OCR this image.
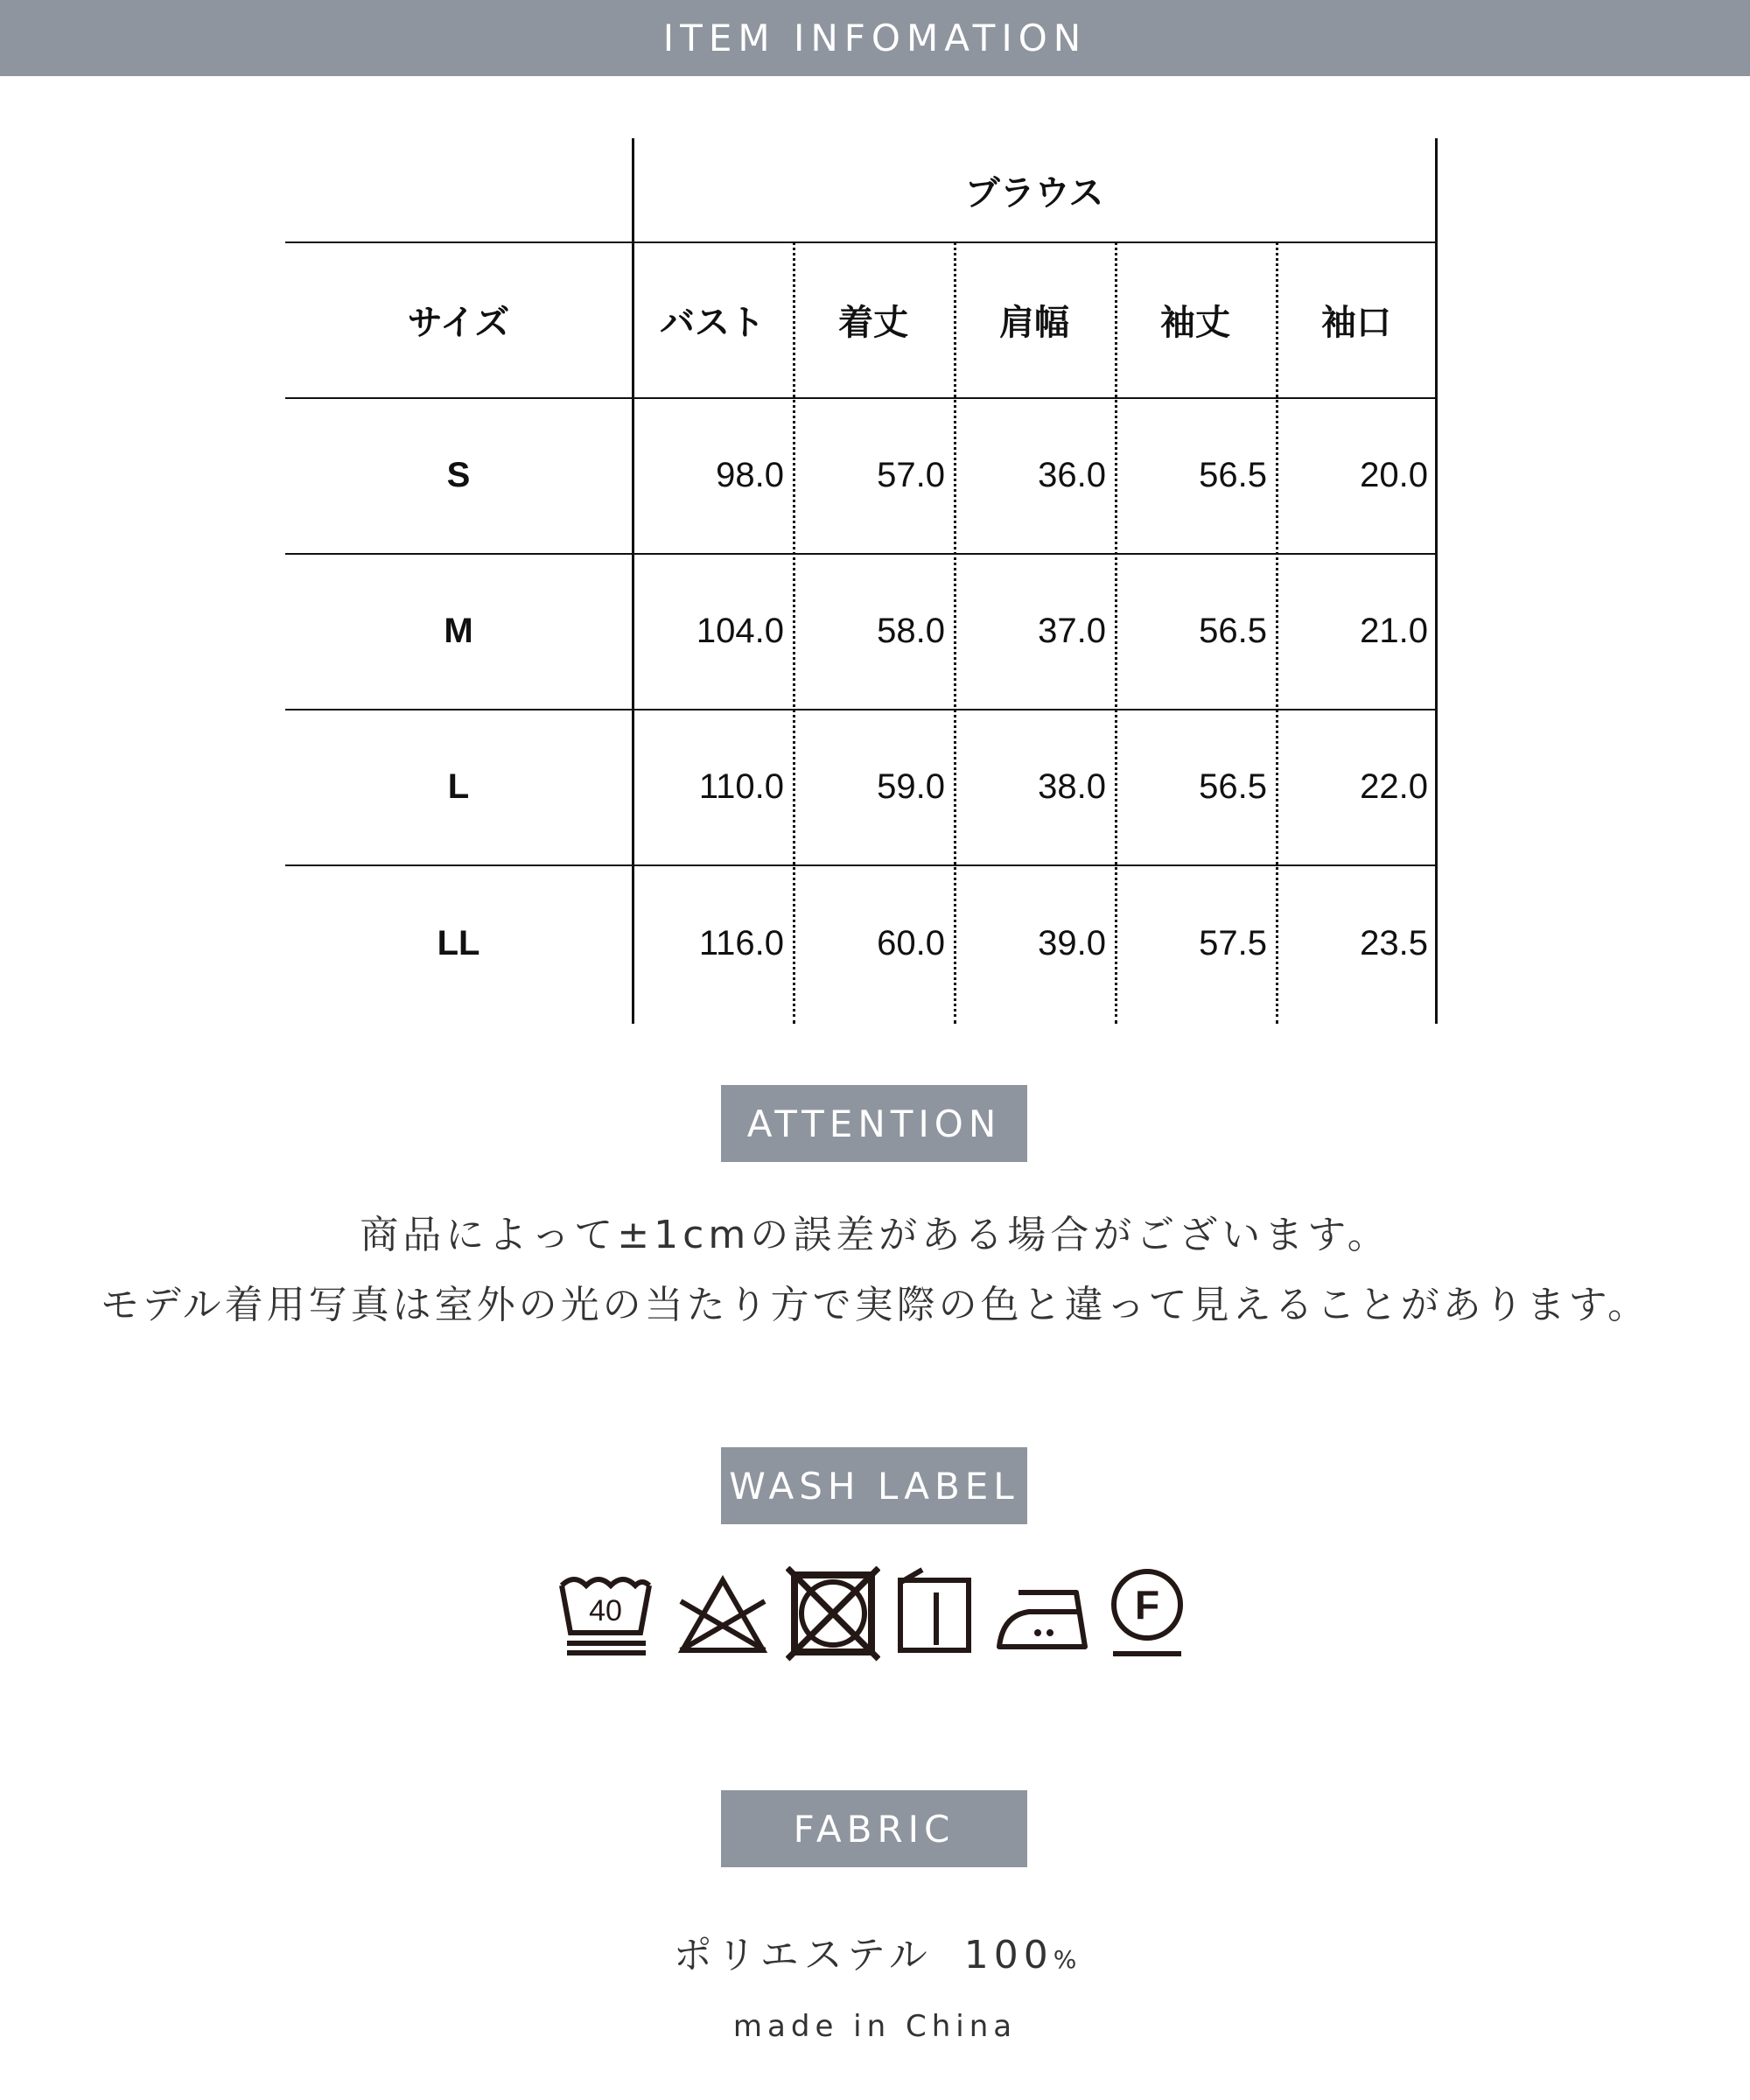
ITEM INFOMATION
ブラウス
サイズ	バスト	着丈	肩幅	袖丈	袖口
S	98.0	57.0	36.0	56.5	20.0
M	104.0	58.0	37.0	56.5	21.0
L	110.0	59.0	38.0	56.5	22.0
LL	116.0	60.0	39.0	57.5	23.5
ATTENTION
商品によって±1cmの誤差がある場合がございます。
モデル着用写真は室外の光の当たり方で実際の色と違って見えることがあります。
WASH LABEL
40	F
FABRIC
ポリエステル 100%
made in China
